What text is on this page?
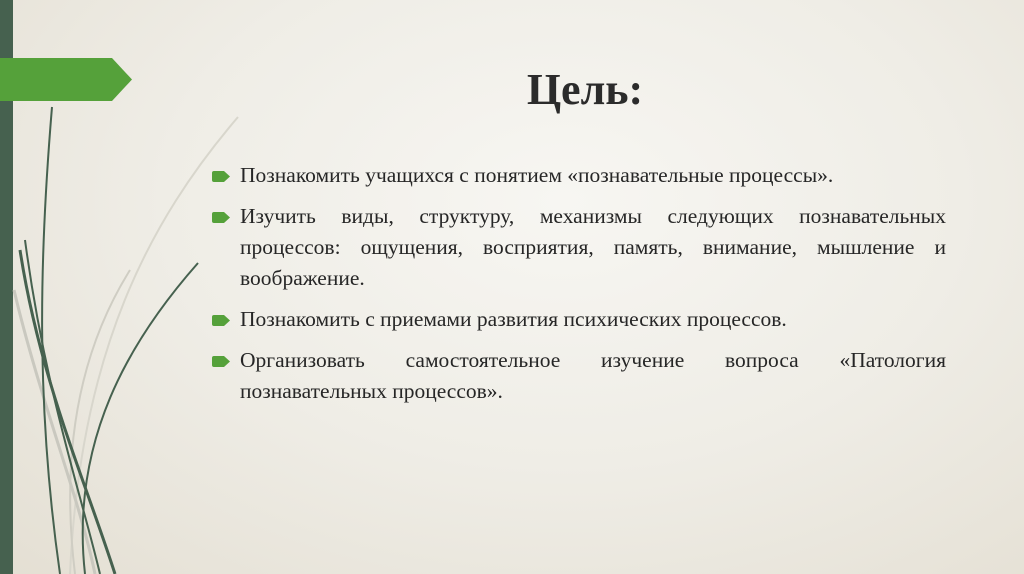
Цель:
Познакомить учащихся с понятием «познавательные процессы».
Изучить виды, структуру, механизмы следующих познавательных процессов: ощущения, восприятия, память, внимание, мышление и воображение.
Познакомить с приемами развития психических процессов.
Организовать самостоятельное изучение вопроса «Патология познавательных процессов».
